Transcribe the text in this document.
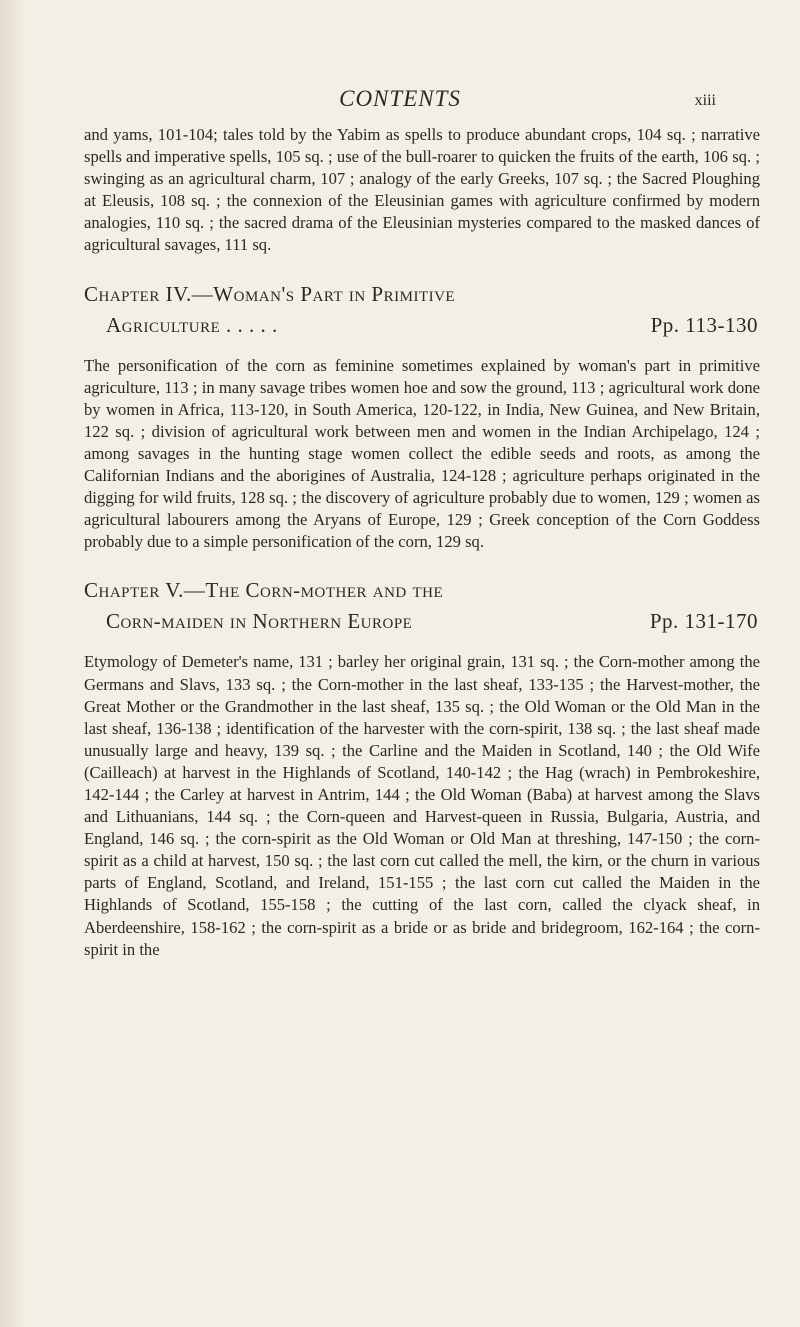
CONTENTS	xiii

and yams, 101-104; tales told by the Yabim as spells to produce abundant crops, 104 sq. ; narrative spells and imperative spells, 105 sq. ; use of the bull-roarer to quicken the fruits of the earth, 106 sq. ; swinging as an agricultural charm, 107 ; analogy of the early Greeks, 107 sq. ; the Sacred Ploughing at Eleusis, 108 sq. ; the connexion of the Eleusinian games with agriculture confirmed by modern analogies, 110 sq. ; the sacred drama of the Eleusinian mysteries compared to the masked dances of agricultural savages, 111 sq.

Chapter IV.—Woman's Part in Primitive
Agriculture . . . . .	Pp. 113-130

The personification of the corn as feminine sometimes explained by woman's part in primitive agriculture, 113 ; in many savage tribes women hoe and sow the ground, 113 ; agricultural work done by women in Africa, 113-120, in South America, 120-122, in India, New Guinea, and New Britain, 122 sq. ; division of agricultural work between men and women in the Indian Archipelago, 124 ; among savages in the hunting stage women collect the edible seeds and roots, as among the Californian Indians and the aborigines of Australia, 124-128 ; agriculture perhaps originated in the digging for wild fruits, 128 sq. ; the discovery of agriculture probably due to women, 129 ; women as agricultural labourers among the Aryans of Europe, 129 ; Greek conception of the Corn Goddess probably due to a simple personification of the corn, 129 sq.

Chapter V.—The Corn-mother and the
Corn-maiden in Northern Europe	Pp. 131-170

Etymology of Demeter's name, 131 ; barley her original grain, 131 sq. ; the Corn-mother among the Germans and Slavs, 133 sq. ; the Corn-mother in the last sheaf, 133-135 ; the Harvest-mother, the Great Mother or the Grandmother in the last sheaf, 135 sq. ; the Old Woman or the Old Man in the last sheaf, 136-138 ; identification of the harvester with the corn-spirit, 138 sq. ; the last sheaf made unusually large and heavy, 139 sq. ; the Carline and the Maiden in Scotland, 140 ; the Old Wife (Cailleach) at harvest in the Highlands of Scotland, 140-142 ; the Hag (wrach) in Pembrokeshire, 142-144 ; the Carley at harvest in Antrim, 144 ; the Old Woman (Baba) at harvest among the Slavs and Lithuanians, 144 sq. ; the Corn-queen and Harvest-queen in Russia, Bulgaria, Austria, and England, 146 sq. ; the corn-spirit as the Old Woman or Old Man at threshing, 147-150 ; the corn-spirit as a child at harvest, 150 sq. ; the last corn cut called the mell, the kirn, or the churn in various parts of England, Scotland, and Ireland, 151-155 ; the last corn cut called the Maiden in the Highlands of Scotland, 155-158 ; the cutting of the last corn, called the clyack sheaf, in Aberdeenshire, 158-162 ; the corn-spirit as a bride or as bride and bridegroom, 162-164 ; the corn-spirit in the
